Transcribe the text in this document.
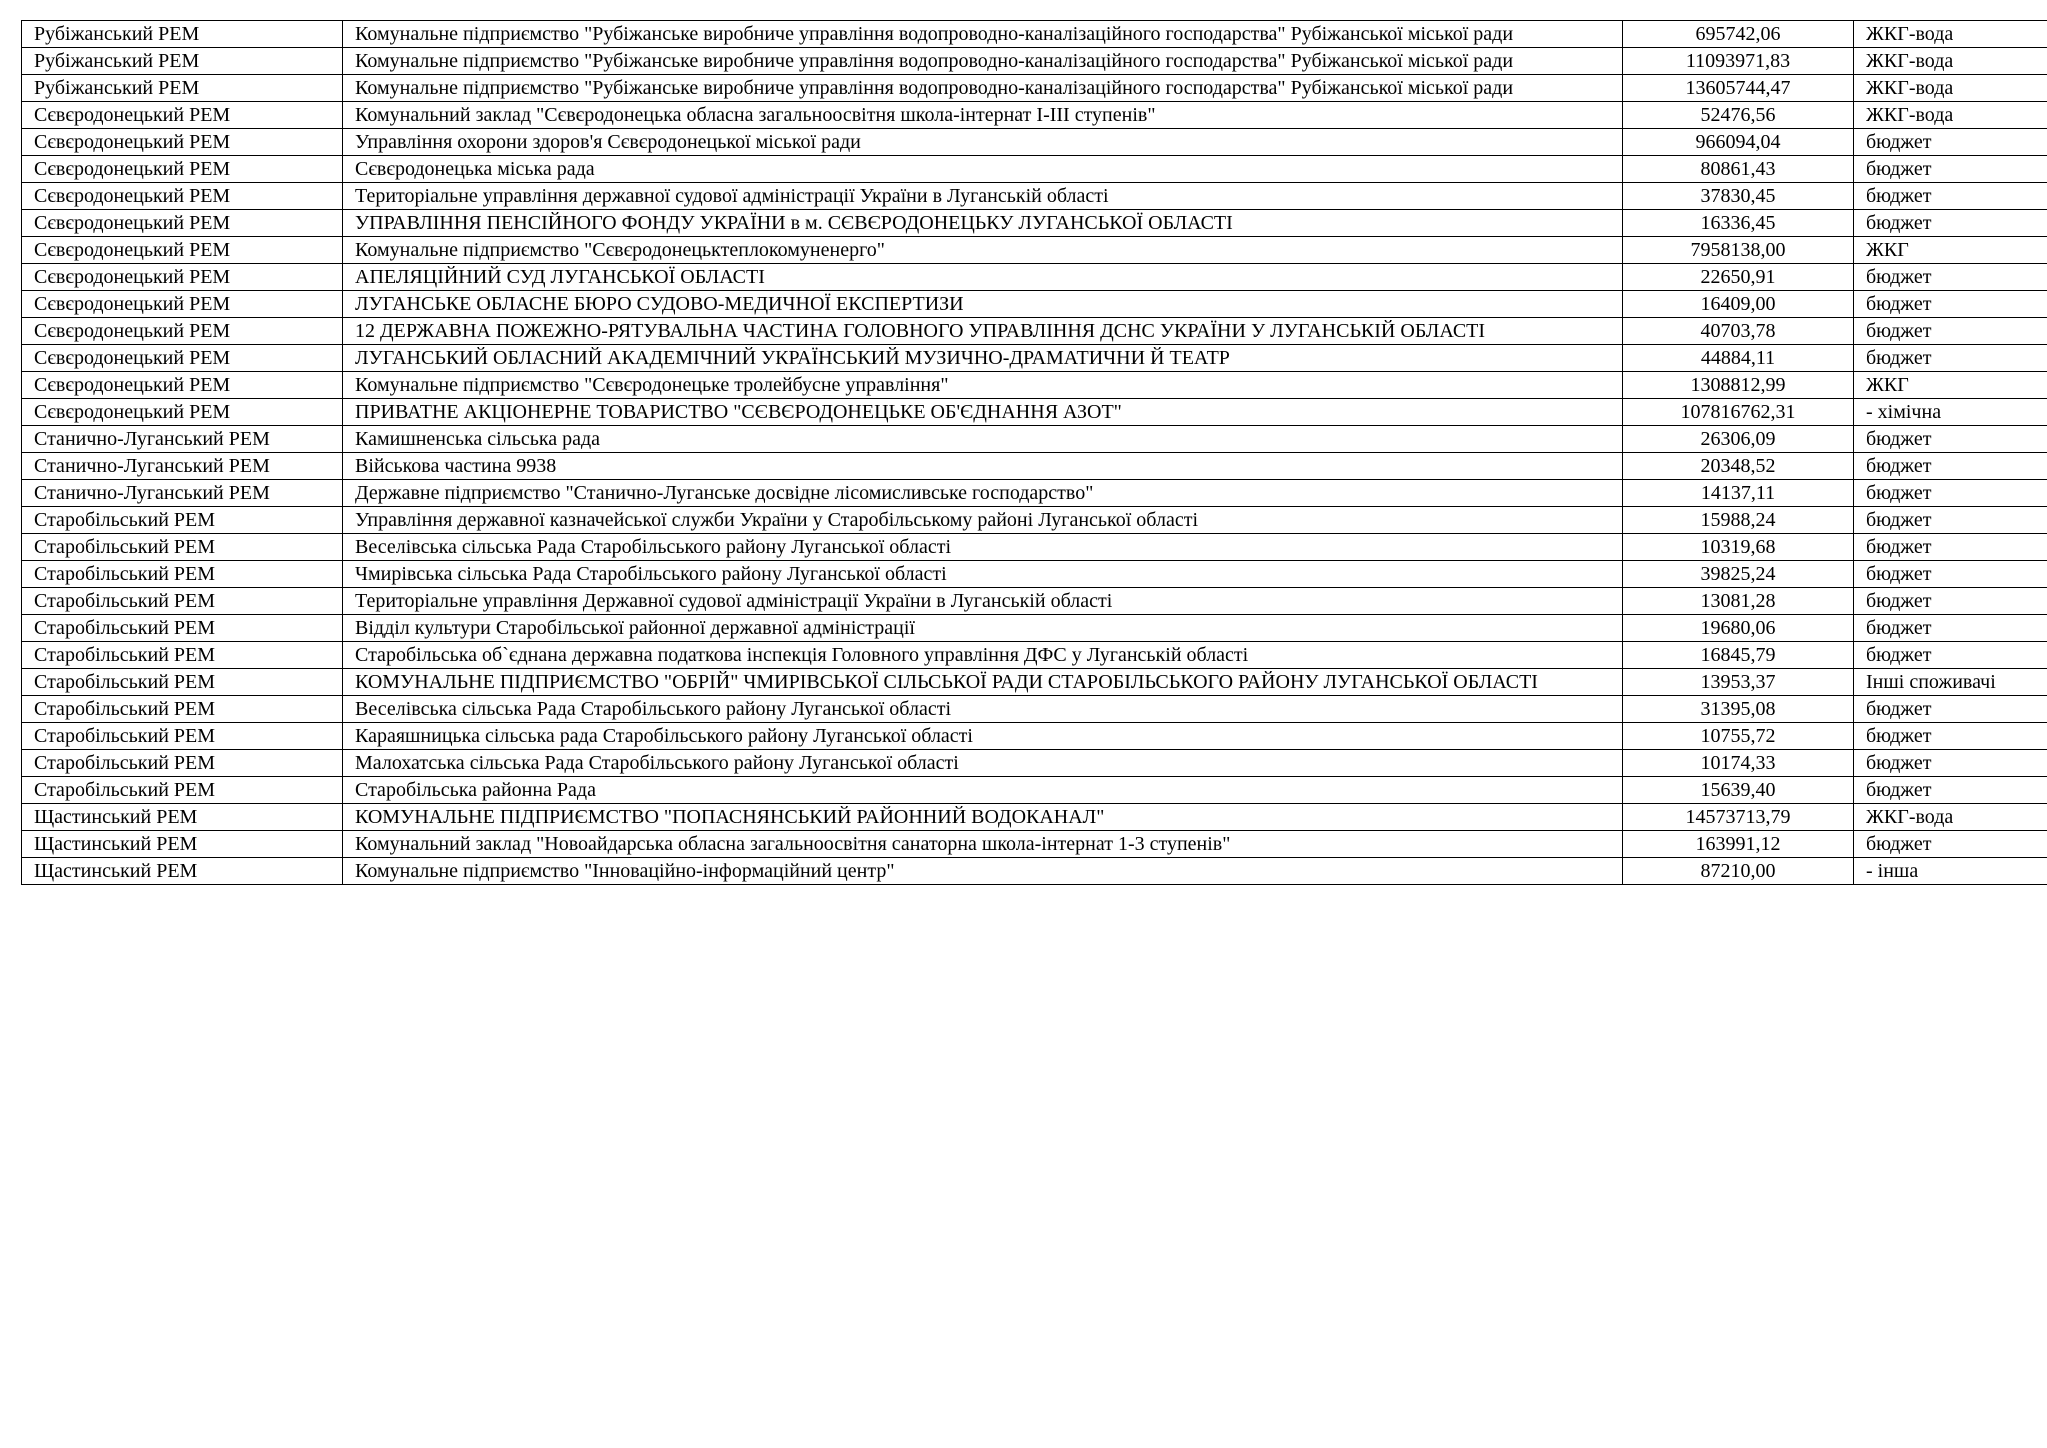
Рубіжанський РЕМ	Комунальне підприємство "Рубіжанське виробниче управління водопроводно-каналізаційного господарства" Рубіжанської міської ради	695742,06	ЖКГ-вода
Рубіжанський РЕМ	Комунальне підприємство "Рубіжанське виробниче управління водопроводно-каналізаційного господарства" Рубіжанської міської ради	11093971,83	ЖКГ-вода
Рубіжанський РЕМ	Комунальне підприємство "Рубіжанське виробниче управління водопроводно-каналізаційного господарства" Рубіжанської міської ради	13605744,47	ЖКГ-вода
Сєвєродонецький РЕМ	Комунальний заклад "Сєвєродонецька обласна загальноосвітня школа-інтернат І-ІІІ ступенів"	52476,56	ЖКГ-вода
Сєвєродонецький РЕМ	Управління охорони здоров'я Сєвєродонецької міської ради	966094,04	бюджет
Сєвєродонецький РЕМ	Сєвєродонецька міська рада	80861,43	бюджет
Сєвєродонецький РЕМ	Територіальне управління державної судової адміністрації України в Луганській області	37830,45	бюджет
Сєвєродонецький РЕМ	УПРАВЛІННЯ ПЕНСІЙНОГО ФОНДУ УКРАЇНИ в м. СЄВЄРОДОНЕЦЬКУ ЛУГАНСЬКОЇ ОБЛАСТІ	16336,45	бюджет
Сєвєродонецький РЕМ	Комунальне підприємство "Сєвєродонецьктеплокомуненерго"	7958138,00	ЖКГ
Сєвєродонецький РЕМ	АПЕЛЯЦІЙНИЙ СУД ЛУГАНСЬКОЇ ОБЛАСТІ	22650,91	бюджет
Сєвєродонецький РЕМ	ЛУГАНСЬКЕ ОБЛАСНЕ БЮРО СУДОВО-МЕДИЧНОЇ ЕКСПЕРТИЗИ	16409,00	бюджет
Сєвєродонецький РЕМ	12 ДЕРЖАВНА ПОЖЕЖНО-РЯТУВАЛЬНА ЧАСТИНА ГОЛОВНОГО УПРАВЛІННЯ ДСНС УКРАЇНИ У ЛУГАНСЬКІЙ ОБЛАСТІ	40703,78	бюджет
Сєвєродонецький РЕМ	ЛУГАНСЬКИЙ ОБЛАСНИЙ АКАДЕМІЧНИЙ УКРАЇНСЬКИЙ МУЗИЧНО-ДРАМАТИЧНИ Й ТЕАТР	44884,11	бюджет
Сєвєродонецький РЕМ	Комунальне підприємство "Сєвєродонецьке тролейбусне управління"	1308812,99	ЖКГ
Сєвєродонецький РЕМ	ПРИВАТНЕ АКЦІОНЕРНЕ ТОВАРИСТВО "СЄВЄРОДОНЕЦЬКЕ ОБ'ЄДНАННЯ АЗОТ"	107816762,31	- хімічна
Станично-Луганський РЕМ	Камишненська сільська рада	26306,09	бюджет
Станично-Луганський РЕМ	Військова частина 9938	20348,52	бюджет
Станично-Луганський РЕМ	Державне підприємство "Станично-Луганське досвідне лісомисливське господарство"	14137,11	бюджет
Старобільський РЕМ	Управління державної казначейської служби України у Старобільському районі Луганської області	15988,24	бюджет
Старобільський РЕМ	Веселівська сільська Рада Старобільського району Луганської області	10319,68	бюджет
Старобільський РЕМ	Чмирівська сільська Рада Старобільського району Луганської області	39825,24	бюджет
Старобільський РЕМ	Територіальне управління Державної судової адміністрації України в Луганській області	13081,28	бюджет
Старобільський РЕМ	Відділ культури Старобільської районної державної адміністрації	19680,06	бюджет
Старобільський РЕМ	Старобільська об`єднана державна податкова інспекція Головного управління ДФС у Луганській області	16845,79	бюджет
Старобільський РЕМ	КОМУНАЛЬНЕ ПІДПРИЄМСТВО "ОБРІЙ" ЧМИРІВСЬКОЇ СІЛЬСЬКОЇ РАДИ СТАРОБІЛЬСЬКОГО РАЙОНУ ЛУГАНСЬКОЇ ОБЛАСТІ	13953,37	Інші споживачі
Старобільський РЕМ	Веселівська сільська Рада Старобільського району Луганської області	31395,08	бюджет
Старобільський РЕМ	Караяшницька сільська рада Старобільського району Луганської області	10755,72	бюджет
Старобільський РЕМ	Малохатська сільська Рада Старобільського району Луганської області	10174,33	бюджет
Старобільський РЕМ	Старобільська районна Рада	15639,40	бюджет
Щастинський РЕМ	КОМУНАЛЬНЕ ПІДПРИЄМСТВО "ПОПАСНЯНСЬКИЙ РАЙОННИЙ ВОДОКАНАЛ"	14573713,79	ЖКГ-вода
Щастинський РЕМ	Комунальний заклад "Новоайдарська обласна загальноосвітня санаторна школа-інтернат 1-3 ступенів"	163991,12	бюджет
Щастинський РЕМ	Комунальне підприємство "Інноваційно-інформаційний центр"	87210,00	- інша
